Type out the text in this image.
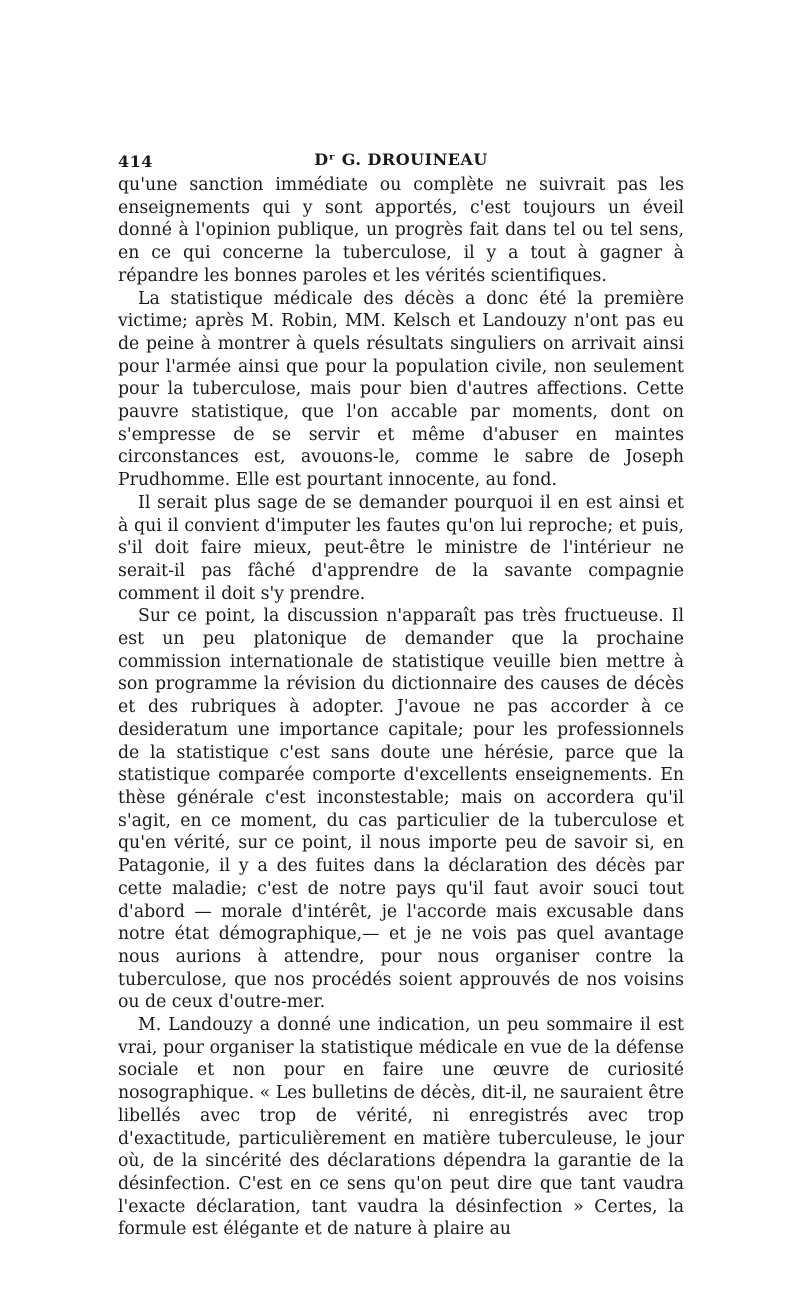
414	Dʳ G. DROUINEAU

qu'une sanction immédiate ou complète ne suivrait pas les enseignements qui y sont apportés, c'est toujours un éveil donné à l'opinion publique, un progrès fait dans tel ou tel sens, en ce qui concerne la tuberculose, il y a tout à gagner à répandre les bonnes paroles et les vérités scientifiques.

La statistique médicale des décès a donc été la première victime; après M. Robin, MM. Kelsch et Landouzy n'ont pas eu de peine à montrer à quels résultats singuliers on arrivait ainsi pour l'armée ainsi que pour la population civile, non seulement pour la tuberculose, mais pour bien d'autres affections. Cette pauvre statistique, que l'on accable par moments, dont on s'empresse de se servir et même d'abuser en maintes circonstances est, avouons-le, comme le sabre de Joseph Prudhomme. Elle est pourtant innocente, au fond.

Il serait plus sage de se demander pourquoi il en est ainsi et à qui il convient d'imputer les fautes qu'on lui reproche; et puis, s'il doit faire mieux, peut-être le ministre de l'intérieur ne serait-il pas fâché d'apprendre de la savante compagnie comment il doit s'y prendre.

Sur ce point, la discussion n'apparaît pas très fructueuse. Il est un peu platonique de demander que la prochaine commission internationale de statistique veuille bien mettre à son programme la révision du dictionnaire des causes de décès et des rubriques à adopter. J'avoue ne pas accorder à ce desideratum une importance capitale; pour les professionnels de la statistique c'est sans doute une hérésie, parce que la statistique comparée comporte d'excellents enseignements. En thèse générale c'est inconstestable; mais on accordera qu'il s'agit, en ce moment, du cas particulier de la tuberculose et qu'en vérité, sur ce point, il nous importe peu de savoir si, en Patagonie, il y a des fuites dans la déclaration des décès par cette maladie; c'est de notre pays qu'il faut avoir souci tout d'abord — morale d'intérêt, je l'accorde mais excusable dans notre état démographique,— et je ne vois pas quel avantage nous aurions à attendre, pour nous organiser contre la tuberculose, que nos procédés soient approuvés de nos voisins ou de ceux d'outre-mer.

M. Landouzy a donné une indication, un peu sommaire il est vrai, pour organiser la statistique médicale en vue de la défense sociale et non pour en faire une œuvre de curiosité nosographique. « Les bulletins de décès, dit-il, ne sauraient être libellés avec trop de vérité, ni enregistrés avec trop d'exactitude, particulièrement en matière tuberculeuse, le jour où, de la sincérité des déclarations dépendra la garantie de la désinfection. C'est en ce sens qu'on peut dire que tant vaudra l'exacte déclaration, tant vaudra la désinfection » Certes, la formule est élégante et de nature à plaire au
